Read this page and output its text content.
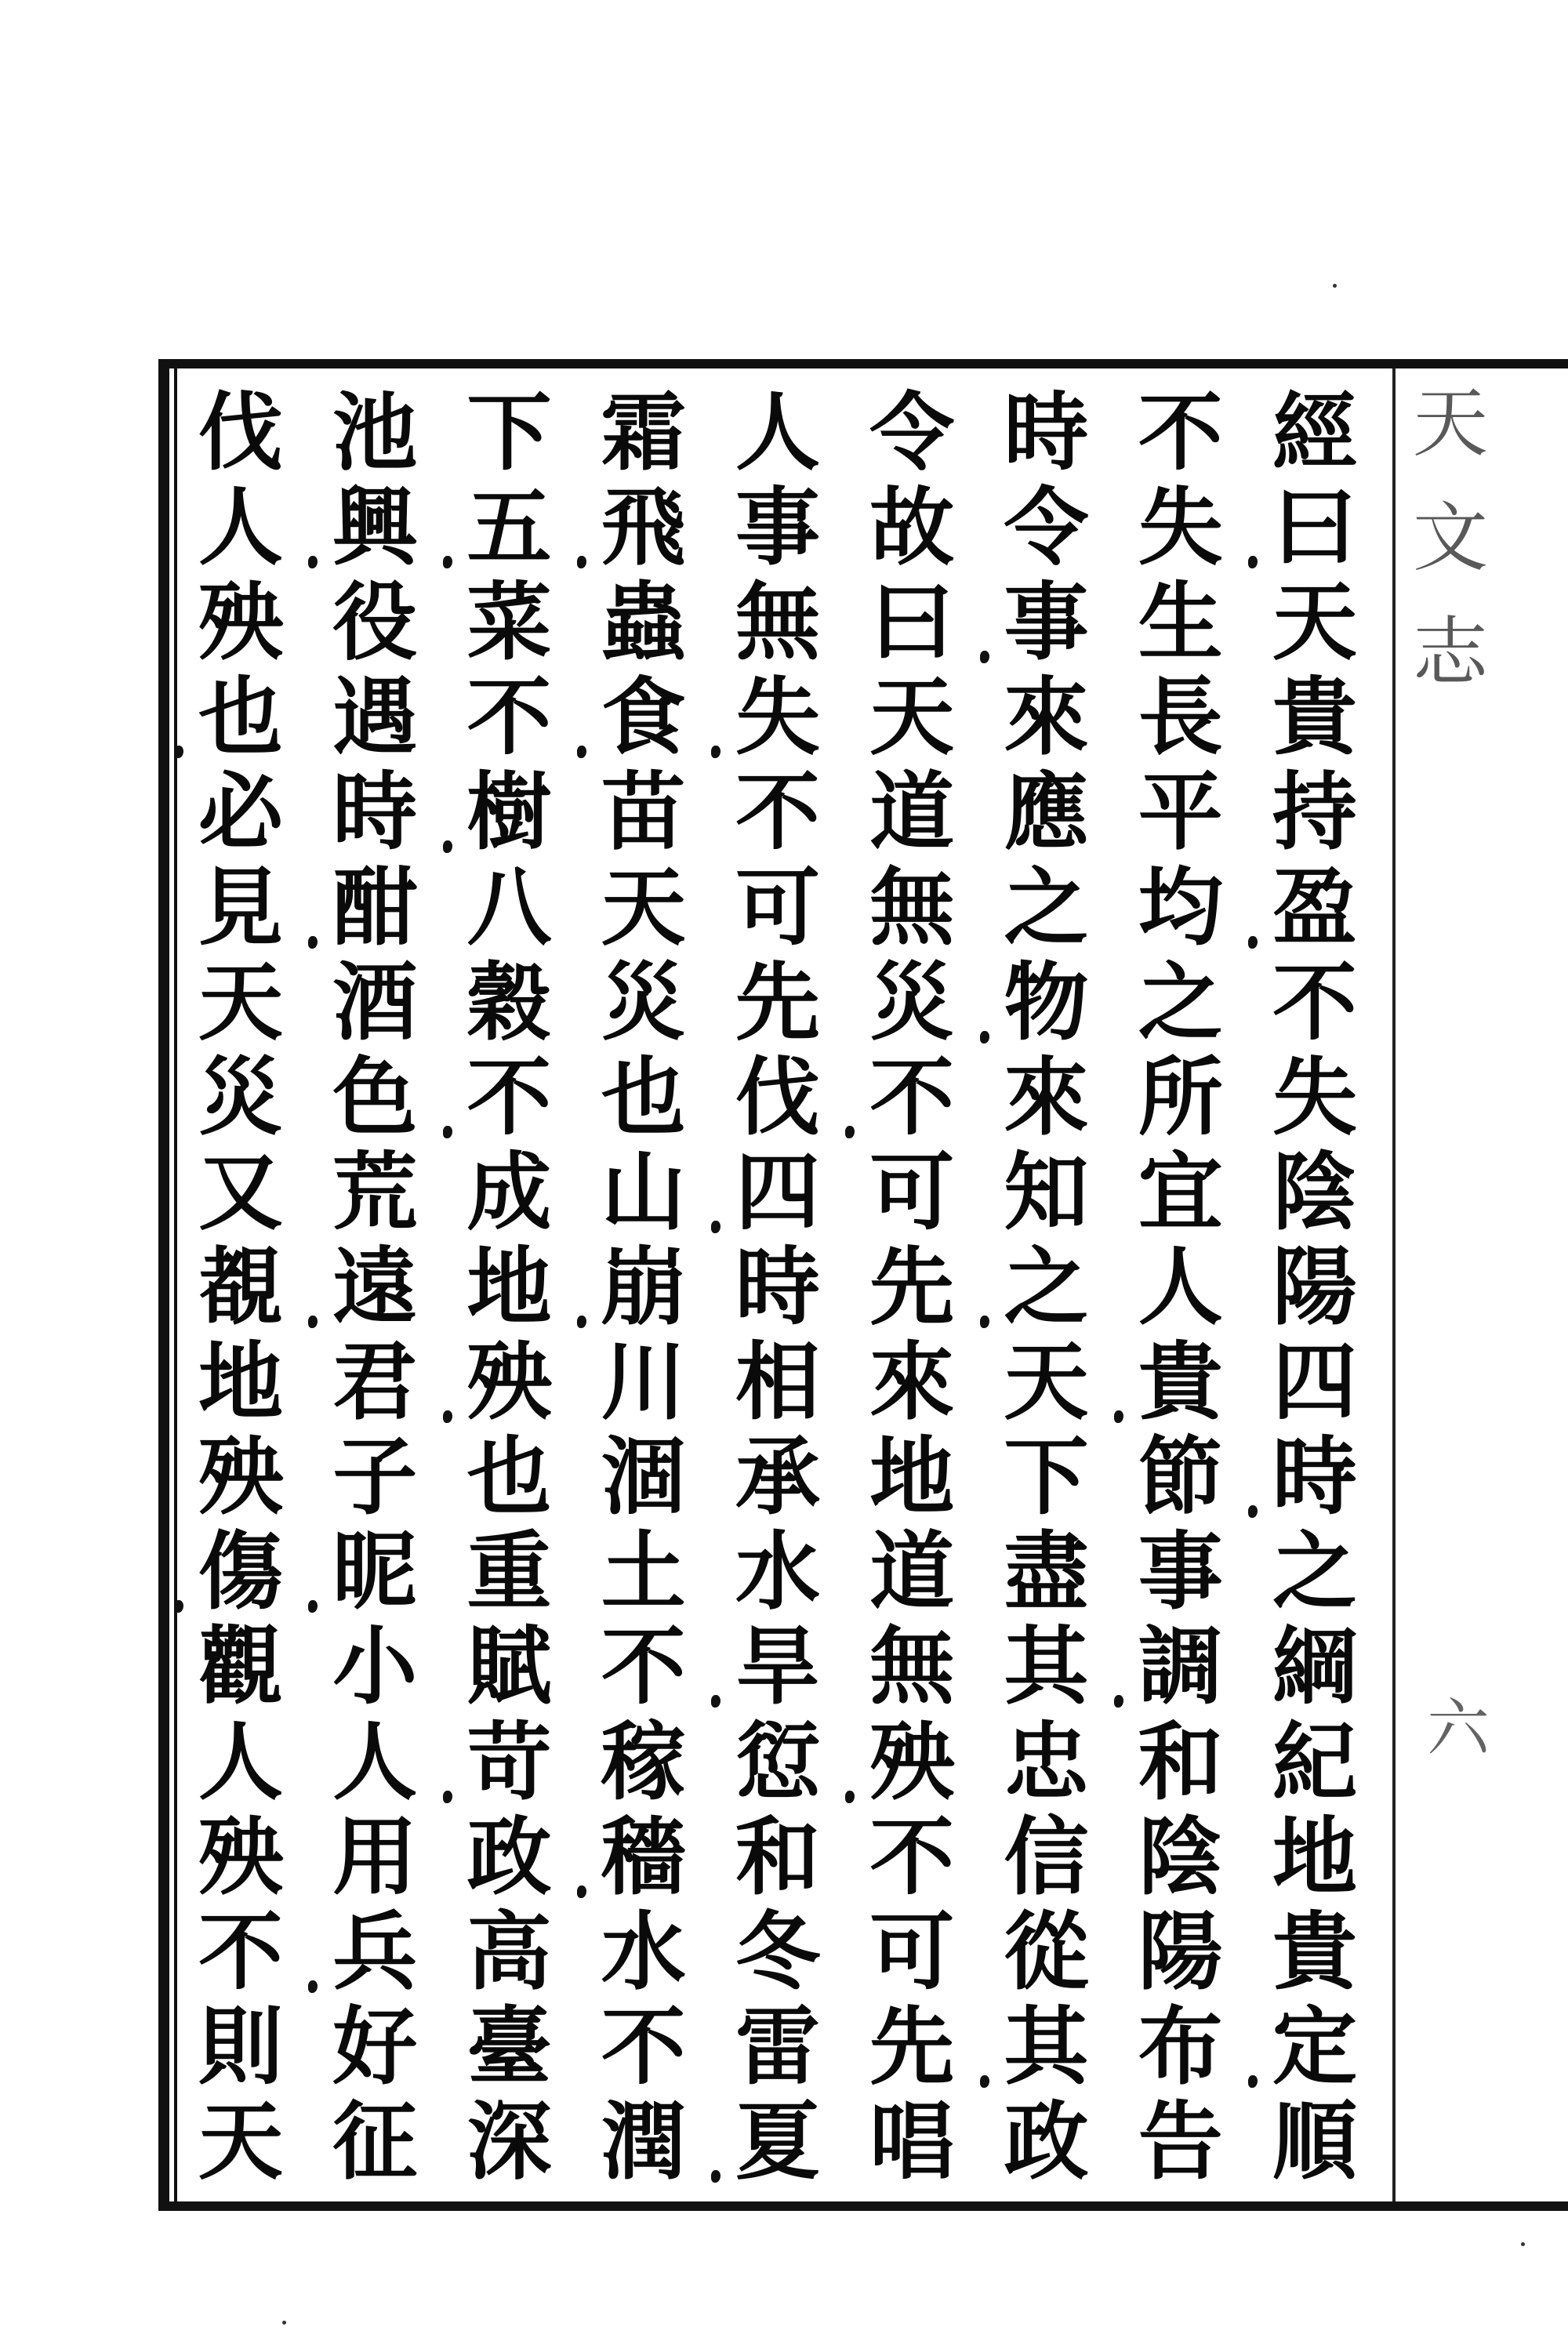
天
文
志
六
經
曰
天
貴
持
盈
不
失
陰
陽
四
時
之
綱
紀
地
貴
定
順
不
失
生
長
平
均
之
所
宜
人
貴
節
事
調
和
陰
陽
布
告
時
令
事
來
應
之
物
來
知
之
天
下
盡
其
忠
信
從
其
政
令
故
曰
天
道
無
災
不
可
先
來
地
道
無
殃
不
可
先
唱
人
事
無
失
不
可
先
伐
四
時
相
承
水
旱
愆
和
冬
雷
夏
霜
飛
蟲
食
苗
天
災
也
山
崩
川
涸
土
不
稼
穡
水
不
潤
下
五
菜
不
樹
八
穀
不
成
地
殃
也
重
賦
苛
政
高
臺
深
池
興
役
遇
時
酣
酒
色
荒
遠
君
子
昵
小
人
用
兵
好
征
伐
人
殃
也
必
見
天
災
又
覩
地
殃
傷
觀
人
殃
不
則
天
